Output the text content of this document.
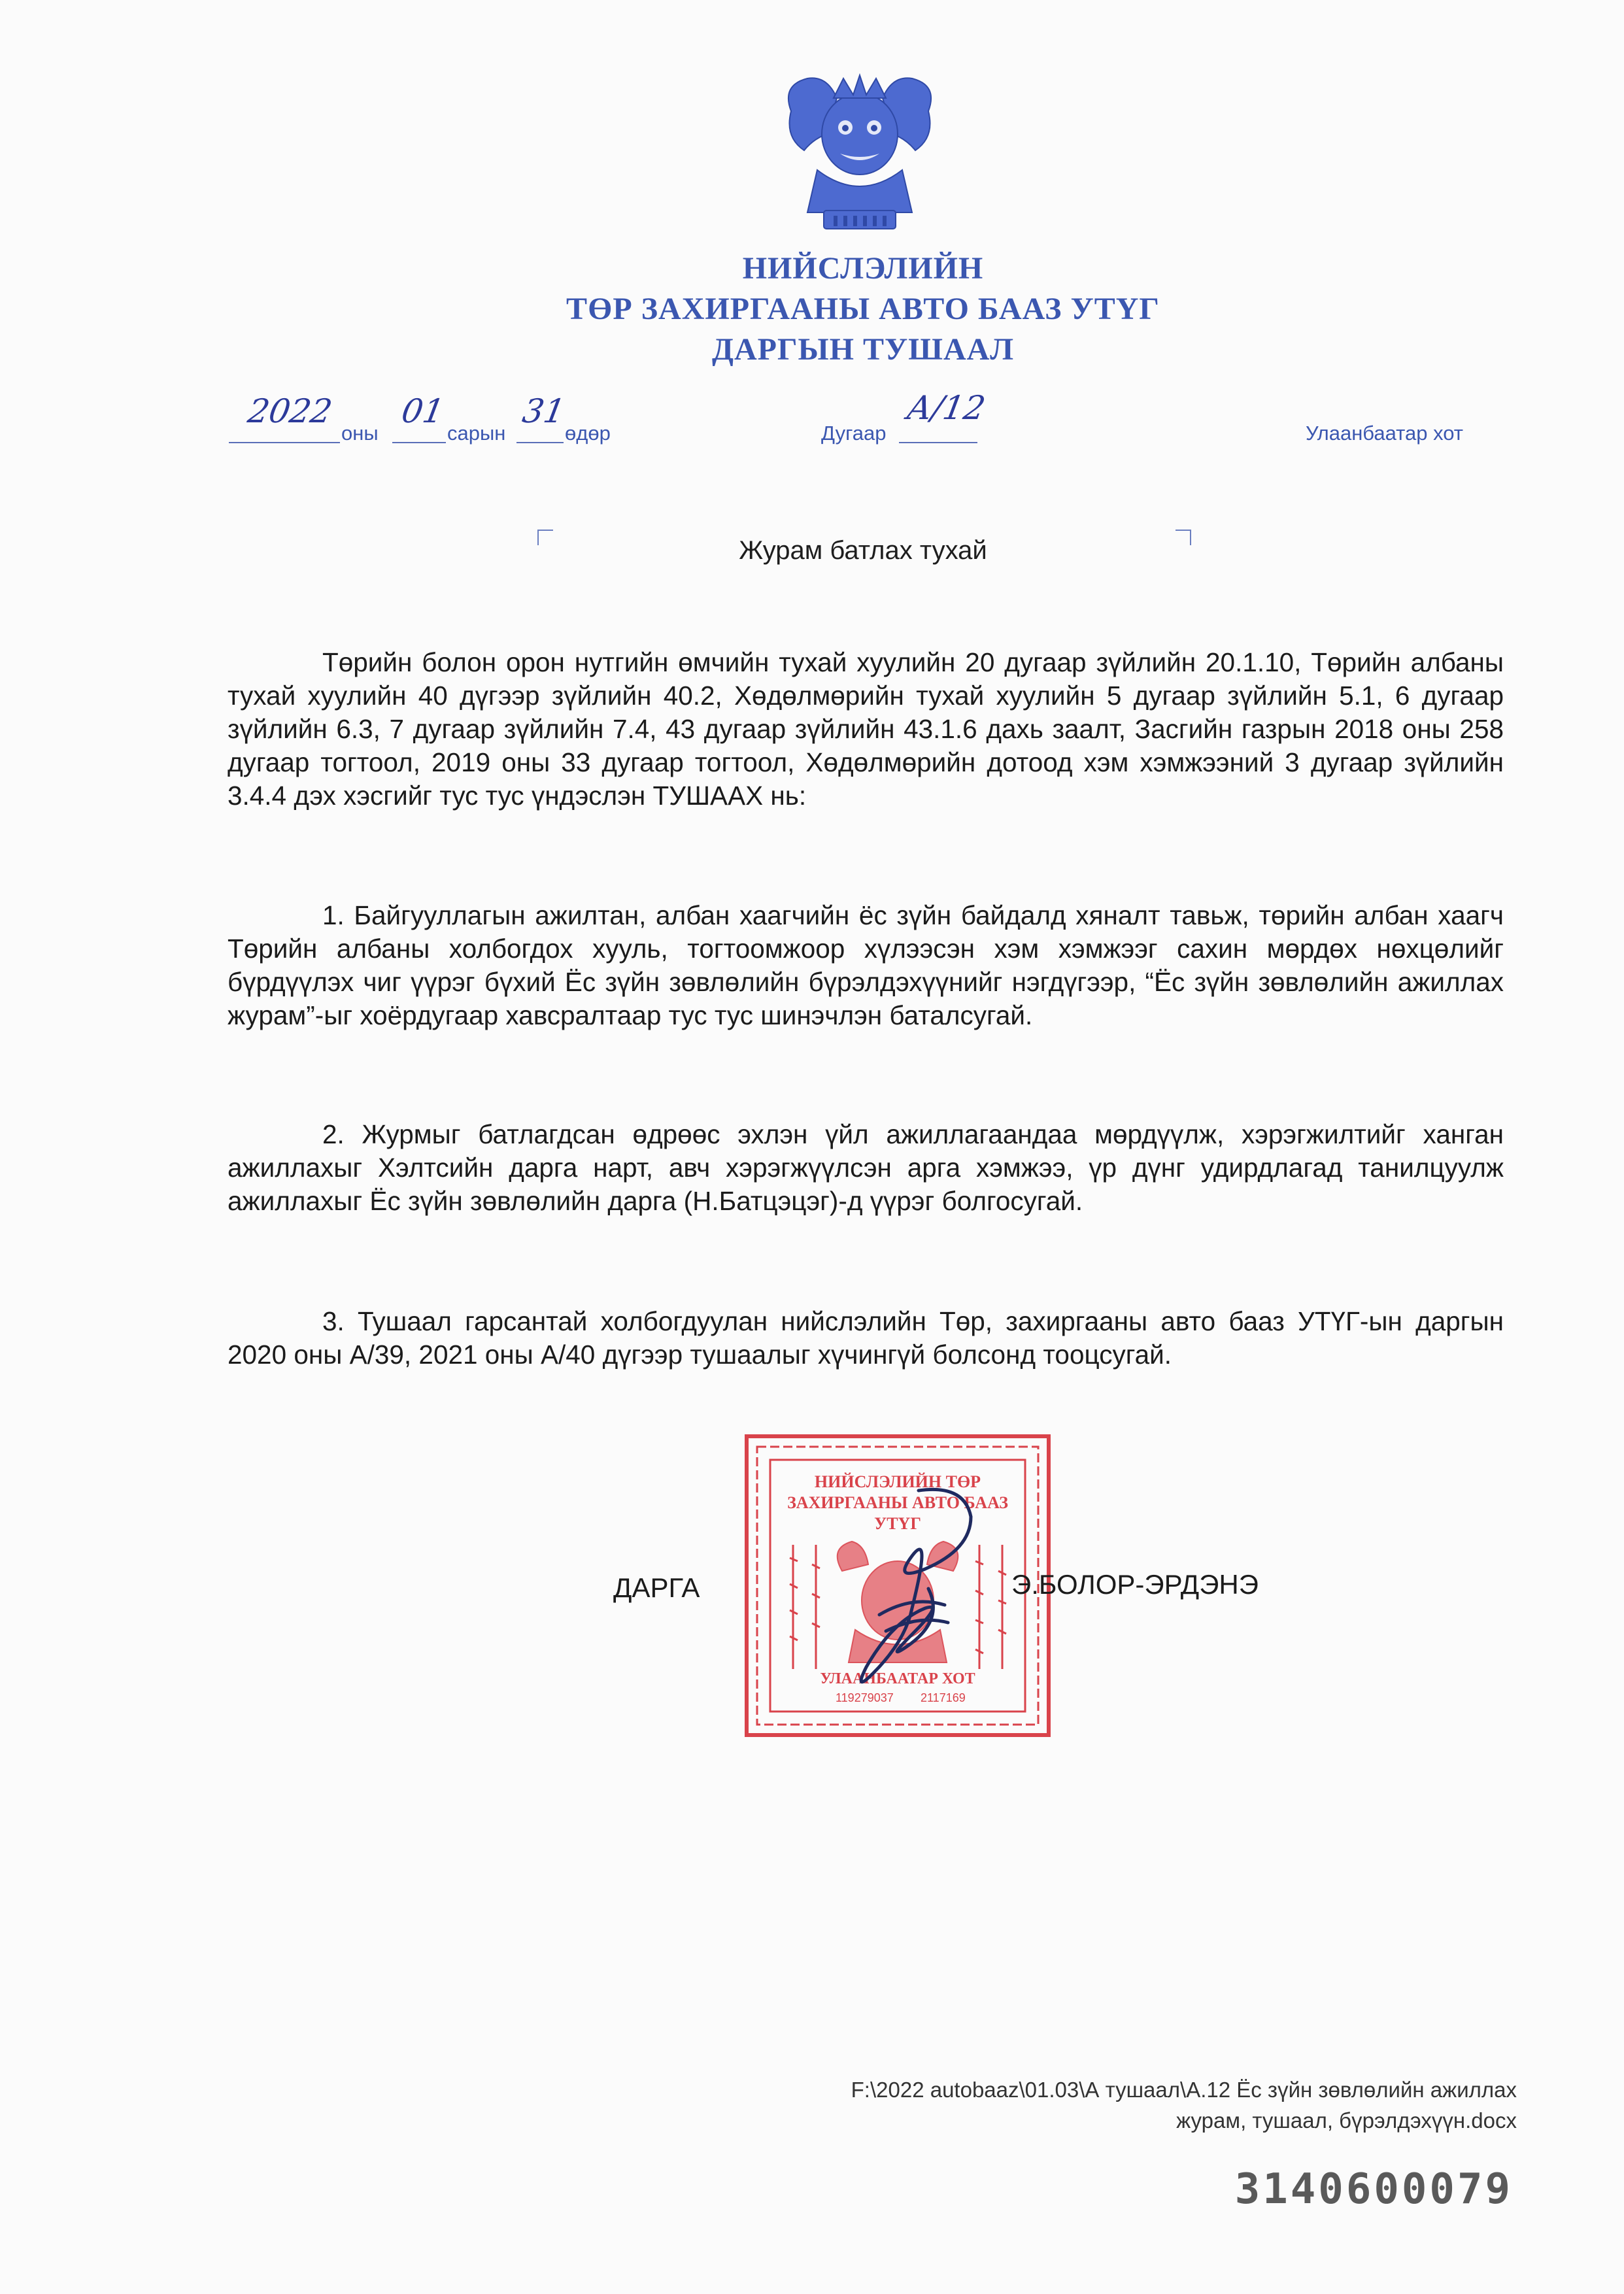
НИЙСЛЭЛИЙН
ТӨР ЗАХИРГААНЫ АВТО БААЗ УТҮГ
ДАРГЫН ТУШААЛ
2022
оны
01
сарын
31
өдөр	Дугаар
А/12
Улаанбаатар хот
Журам батлах тухай

Төрийн болон орон нутгийн өмчийн тухай хуулийн 20 дугаар зүйлийн 20.1.10, Төрийн албаны тухай хуулийн 40 дүгээр зүйлийн 40.2, Хөдөлмөрийн тухай хуулийн 5 дугаар зүйлийн 5.1, 6 дугаар зүйлийн 6.3, 7 дугаар зүйлийн 7.4, 43 дугаар зүйлийн 43.1.6 дахь заалт, Засгийн газрын 2018 оны 258 дугаар тогтоол, 2019 оны 33 дугаар тогтоол, Хөдөлмөрийн дотоод хэм хэмжээний 3 дугаар зүйлийн 3.4.4 дэх хэсгийг тус тус үндэслэн ТУШААХ нь:

1. Байгууллагын ажилтан, албан хаагчийн ёс зүйн байдалд хяналт тавьж, төрийн албан хаагч Төрийн албаны холбогдох хууль, тогтоомжоор хүлээсэн хэм хэмжээг сахин мөрдөх нөхцөлийг бүрдүүлэх чиг үүрэг бүхий Ёс зүйн зөвлөлийн бүрэлдэхүүнийг нэгдүгээр, “Ёс зүйн зөвлөлийн ажиллах журам”-ыг хоёрдугаар хавсралтаар тус тус шинэчлэн баталсугай.

2. Журмыг батлагдсан өдрөөс эхлэн үйл ажиллагаандаа мөрдүүлж, хэрэгжилтийг ханган ажиллахыг Хэлтсийн дарга нарт, авч хэрэгжүүлсэн арга хэмжээ, үр дүнг удирдлагад танилцуулж ажиллахыг Ёс зүйн зөвлөлийн дарга (Н.Батцэцэг)-д үүрэг болгосугай.

3. Тушаал гарсантай холбогдуулан нийслэлийн Төр, захиргааны авто бааз УТҮГ-ын даргын 2020 оны А/39, 2021 оны А/40 дүгээр тушаалыг хүчингүй болсонд тооцсугай.

НИЙСЛЭЛИЙН ТӨР
ЗАХИРГААНЫ АВТО БААЗ
УТҮГ
УЛААНБААТАР ХОТ
119279037 2117169
ДАРГА	Э.БОЛОР-ЭРДЭНЭ
F:\2022 autobaaz\01.03\А тушаал\А.12 Ёс зүйн зөвлөлийн ажиллах
журам, тушаал, бүрэлдэхүүн.docx
3140600079
